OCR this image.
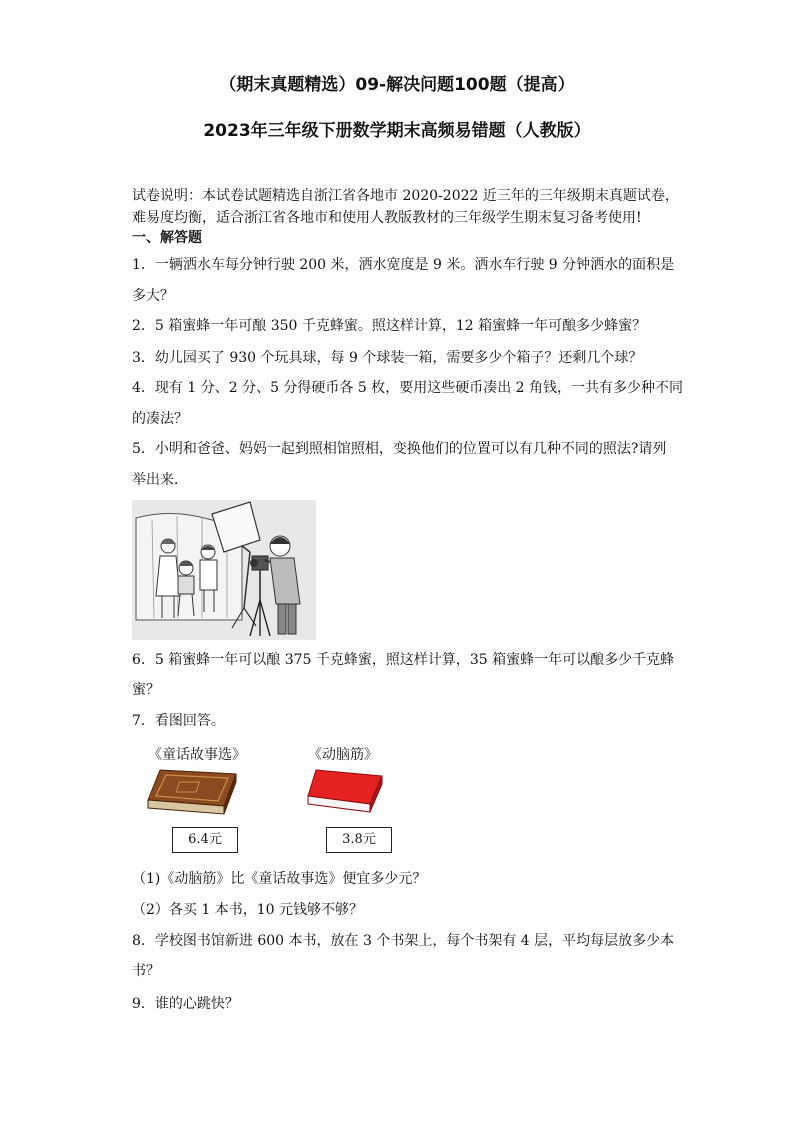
（期末真题精选）09-解决问题100题（提高）
2023年三年级下册数学期末高频易错题（人教版）
试卷说明：本试卷试题精选自浙江省各地市 2020-2022 近三年的三年级期末真题试卷，
难易度均衡，适合浙江省各地市和使用人教版教材的三年级学生期末复习备考使用!
一、解答题
1．一辆洒水车每分钟行驶 200 米，洒水宽度是 9 米。洒水车行驶 9 分钟洒水的面积是
多大？
2．5 箱蜜蜂一年可酿 350 千克蜂蜜。照这样计算，12 箱蜜蜂一年可酿多少蜂蜜？
3．幼儿园买了 930 个玩具球，每 9 个球装一箱，需要多少个箱子？还剩几个球？
4．现有 1 分、2 分、5 分得硬币各 5 枚，要用这些硬币凑出 2 角钱，一共有多少种不同
的凑法？
5．小明和爸爸、妈妈一起到照相馆照相，变换他们的位置可以有几种不同的照法?请列
举出来．
6．5 箱蜜蜂一年可以酿 375 千克蜂蜜，照这样计算，35 箱蜜蜂一年可以酿多少千克蜂
蜜？
7．看图回答。
《童话故事选》	《动脑筋》
6.4元	3.8元
（1)《动脑筋》比《童话故事选》便宜多少元？
（2）各买 1 本书，10 元钱够不够？
8．学校图书馆新进 600 本书，放在 3 个书架上，每个书架有 4 层，平均每层放多少本
书？
9．谁的心跳快？
